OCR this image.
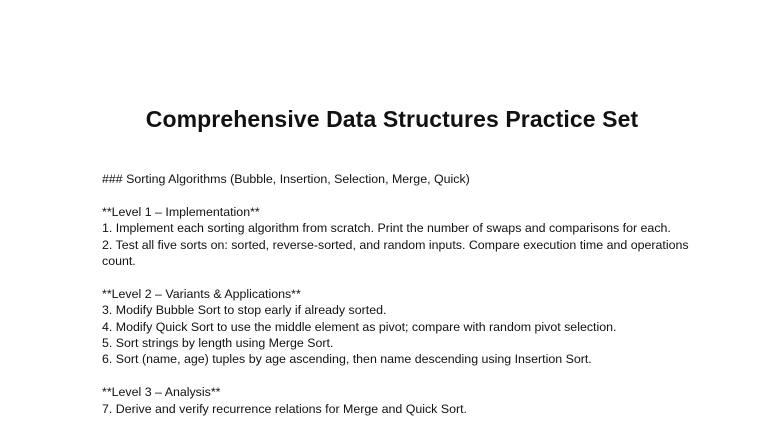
Comprehensive Data Structures Practice Set
### Sorting Algorithms (Bubble, Insertion, Selection, Merge, Quick)
**Level 1 – Implementation**
1. Implement each sorting algorithm from scratch. Print the number of swaps and comparisons for each.
2. Test all five sorts on: sorted, reverse-sorted, and random inputs. Compare execution time and operations count.
**Level 2 – Variants & Applications**
3. Modify Bubble Sort to stop early if already sorted.
4. Modify Quick Sort to use the middle element as pivot; compare with random pivot selection.
5. Sort strings by length using Merge Sort.
6. Sort (name, age) tuples by age ascending, then name descending using Insertion Sort.
**Level 3 – Analysis**
7. Derive and verify recurrence relations for Merge and Quick Sort.
